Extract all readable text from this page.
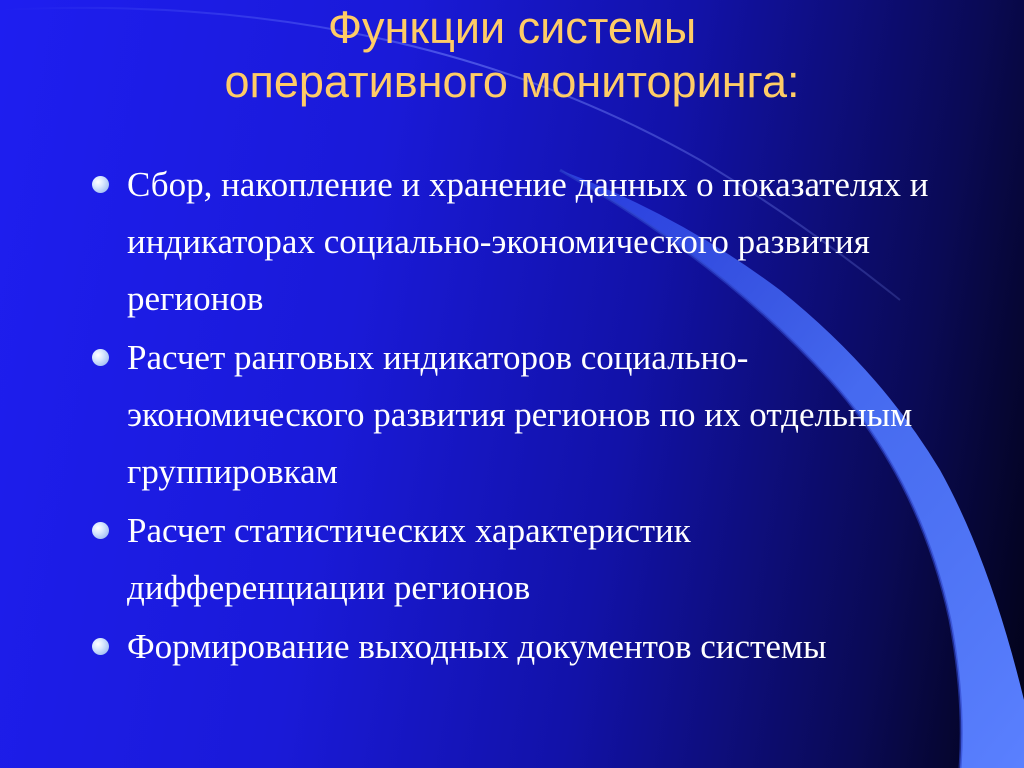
Функции системы
оперативного мониторинга:
Сбор, накопление и хранение данных о показателях и индикаторах социально-экономического развития регионов
Расчет ранговых индикаторов социально-экономического развития регионов по их отдельным группировкам
Расчет статистических характеристик дифференциации регионов
Формирование выходных документов системы
